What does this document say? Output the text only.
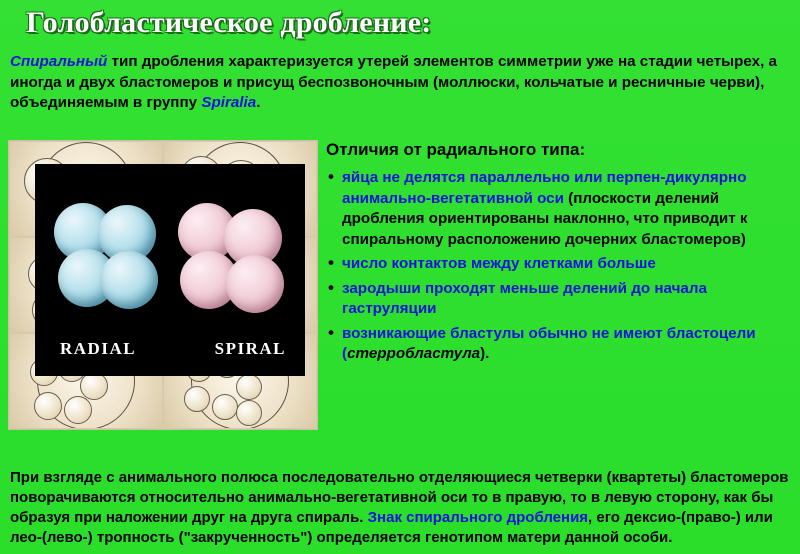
Голобластическое дробление:
Спиральный тип дробления характеризуется утерей элементов симметрии уже на стадии четырех, а иногда и двух бластомеров и присущ беспозвоночным (моллюски, кольчатые и ресничные черви), объединяемым в группу Spiralia.
RADIAL	SPIRAL
Отличия от радиального типа:
• яйца не делятся параллельно или перпен-дикулярно анимально-вегетативной оси (плоскости делений дробления ориентированы наклонно, что приводит к спиральному расположению дочерних бластомеров)
• число контактов между клетками больше
• зародыши проходят меньше делений до начала гаструляции
• возникающие бластулы обычно не имеют бластоцели (стерробластула).
При взгляде с анимального полюса последовательно отделяющиеся четверки (квартеты) бластомеров поворачиваются относительно анимально-вегетативной оси то в правую, то в левую сторону, как бы образуя при наложении друг на друга спираль. Знак спирального дробления, его дексио-(право-) или лео-(лево-) тропность ("закрученность") определяется генотипом матери данной особи.
